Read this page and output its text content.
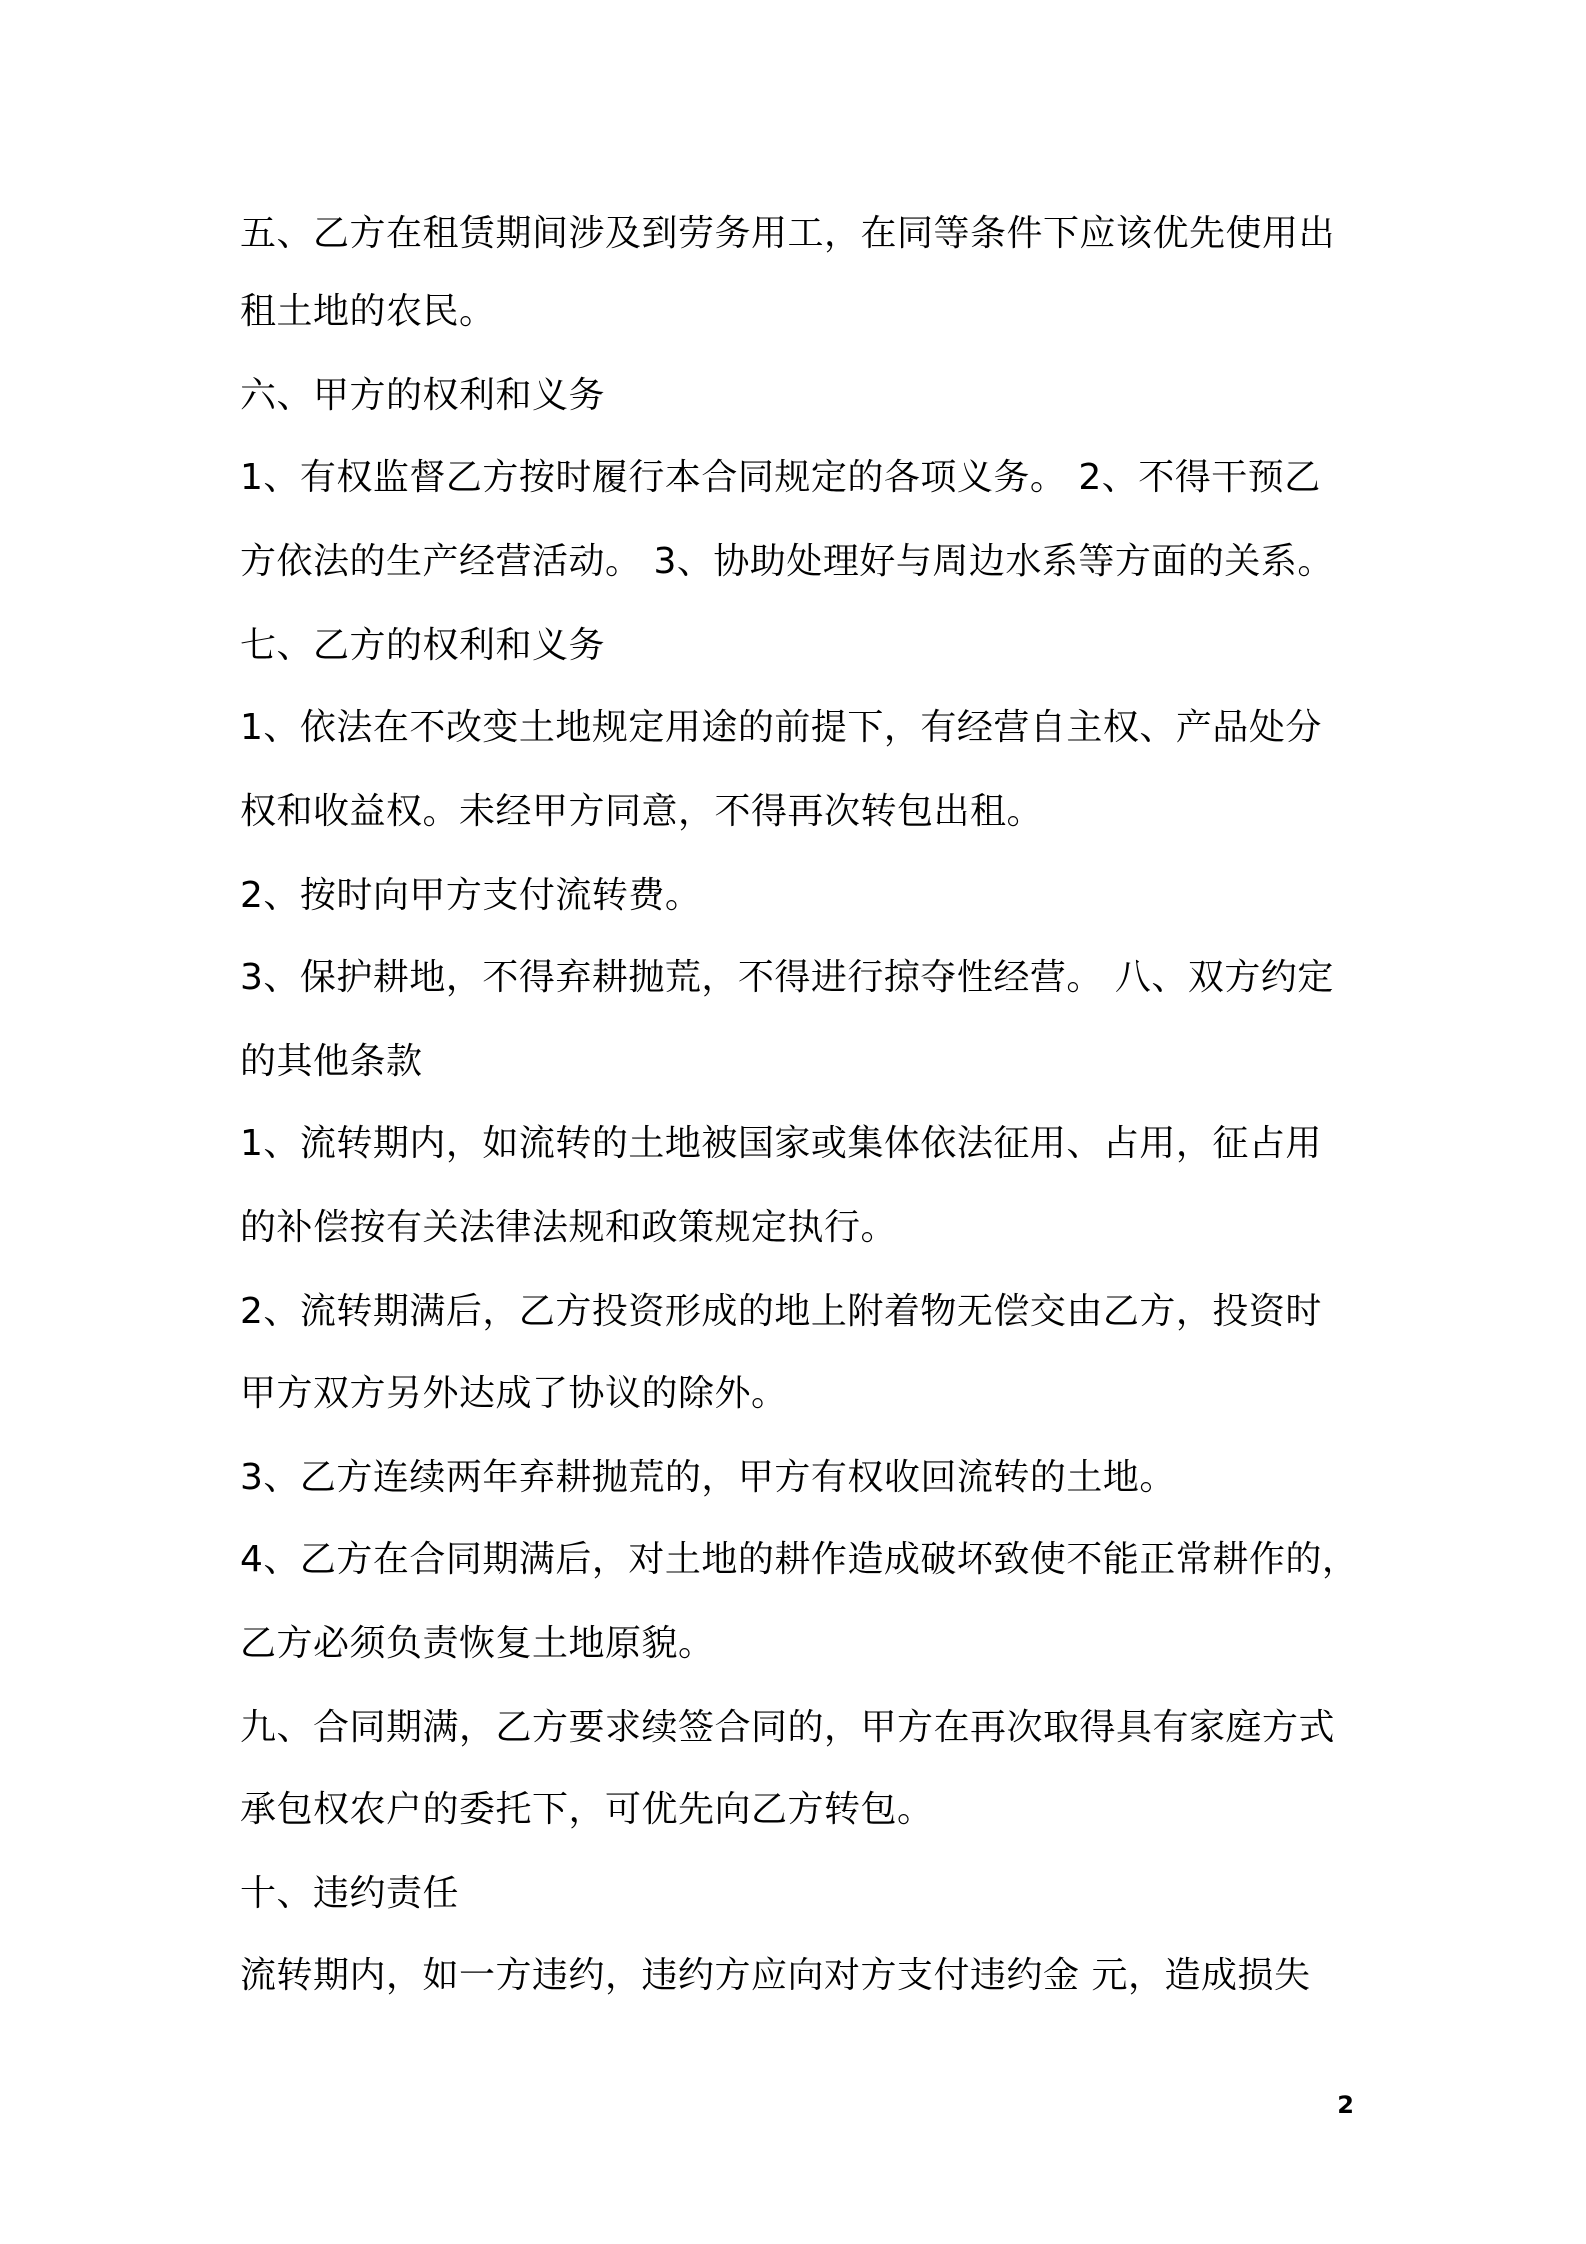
五、乙方在租赁期间涉及到劳务用工，在同等条件下应该优先使用出
租土地的农民。
六、甲方的权利和义务
1、有权监督乙方按时履行本合同规定的各项义务。 2、不得干预乙
方依法的生产经营活动。 3、协助处理好与周边水系等方面的关系。
七、乙方的权利和义务
1、依法在不改变土地规定用途的前提下，有经营自主权、产品处分
权和收益权。未经甲方同意，不得再次转包出租。
2、按时向甲方支付流转费。
3、保护耕地，不得弃耕抛荒，不得进行掠夺性经营。 八、双方约定
的其他条款
1、流转期内，如流转的土地被国家或集体依法征用、占用，征占用
的补偿按有关法律法规和政策规定执行。
2、流转期满后，乙方投资形成的地上附着物无偿交由乙方，投资时
甲方双方另外达成了协议的除外。
3、乙方连续两年弃耕抛荒的，甲方有权收回流转的土地。
4、乙方在合同期满后，对土地的耕作造成破坏致使不能正常耕作的，
乙方必须负责恢复土地原貌。
九、合同期满，乙方要求续签合同的，甲方在再次取得具有家庭方式
承包权农户的委托下，可优先向乙方转包。
十、违约责任
流转期内，如一方违约，违约方应向对方支付违约金 元，造成损失
2
